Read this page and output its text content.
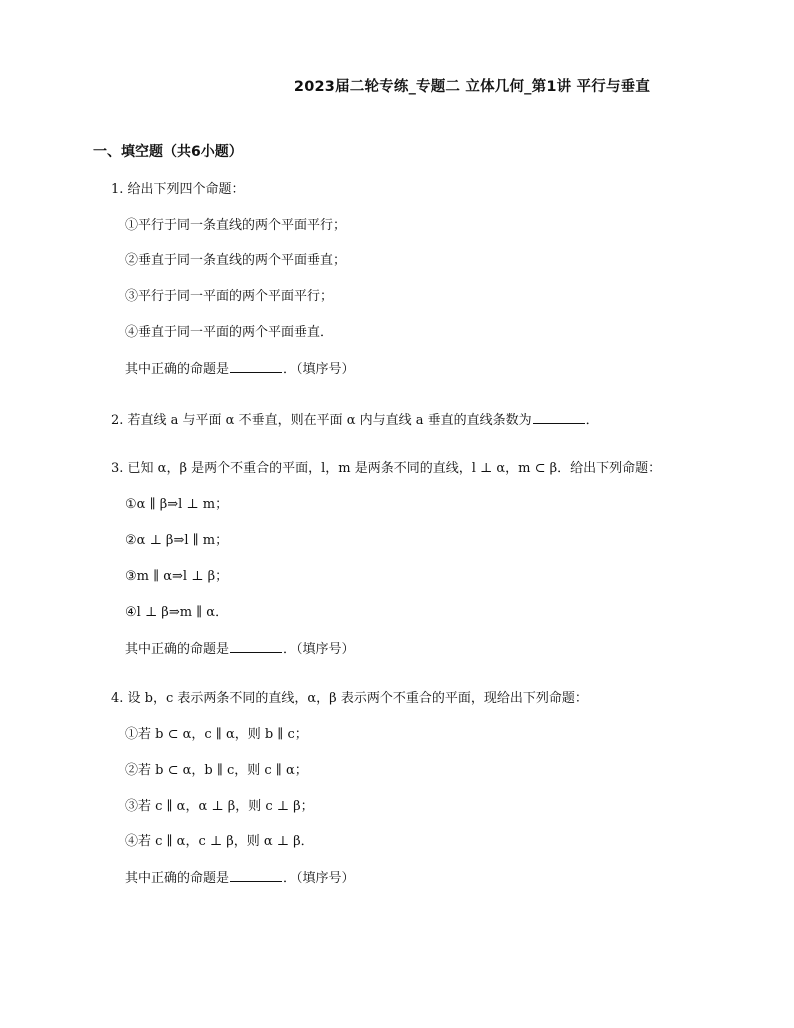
2023届二轮专练_专题二 立体几何_第1讲 平行与垂直
一、填空题（共6小题）
1. 给出下列四个命题：
①平行于同一条直线的两个平面平行；
②垂直于同一条直线的两个平面垂直；
③平行于同一平面的两个平面平行；
④垂直于同一平面的两个平面垂直．
其中正确的命题是	．（填序号）
2. 若直线 a 与平面 α 不垂直，则在平面 α 内与直线 a 垂直的直线条数为	．
3. 已知 α，β 是两个不重合的平面，l，m 是两条不同的直线，l ⊥ α，m ⊂ β．给出下列命题：
①α ∥ β⇒l ⊥ m；
②α ⊥ β⇒l ∥ m；
③m ∥ α⇒l ⊥ β；
④l ⊥ β⇒m ∥ α．
其中正确的命题是	．（填序号）
4. 设 b，c 表示两条不同的直线，α，β 表示两个不重合的平面，现给出下列命题：
①若 b ⊂ α，c ∥ α，则 b ∥ c；
②若 b ⊂ α，b ∥ c，则 c ∥ α；
③若 c ∥ α，α ⊥ β，则 c ⊥ β；
④若 c ∥ α，c ⊥ β，则 α ⊥ β．
其中正确的命题是	．（填序号）
